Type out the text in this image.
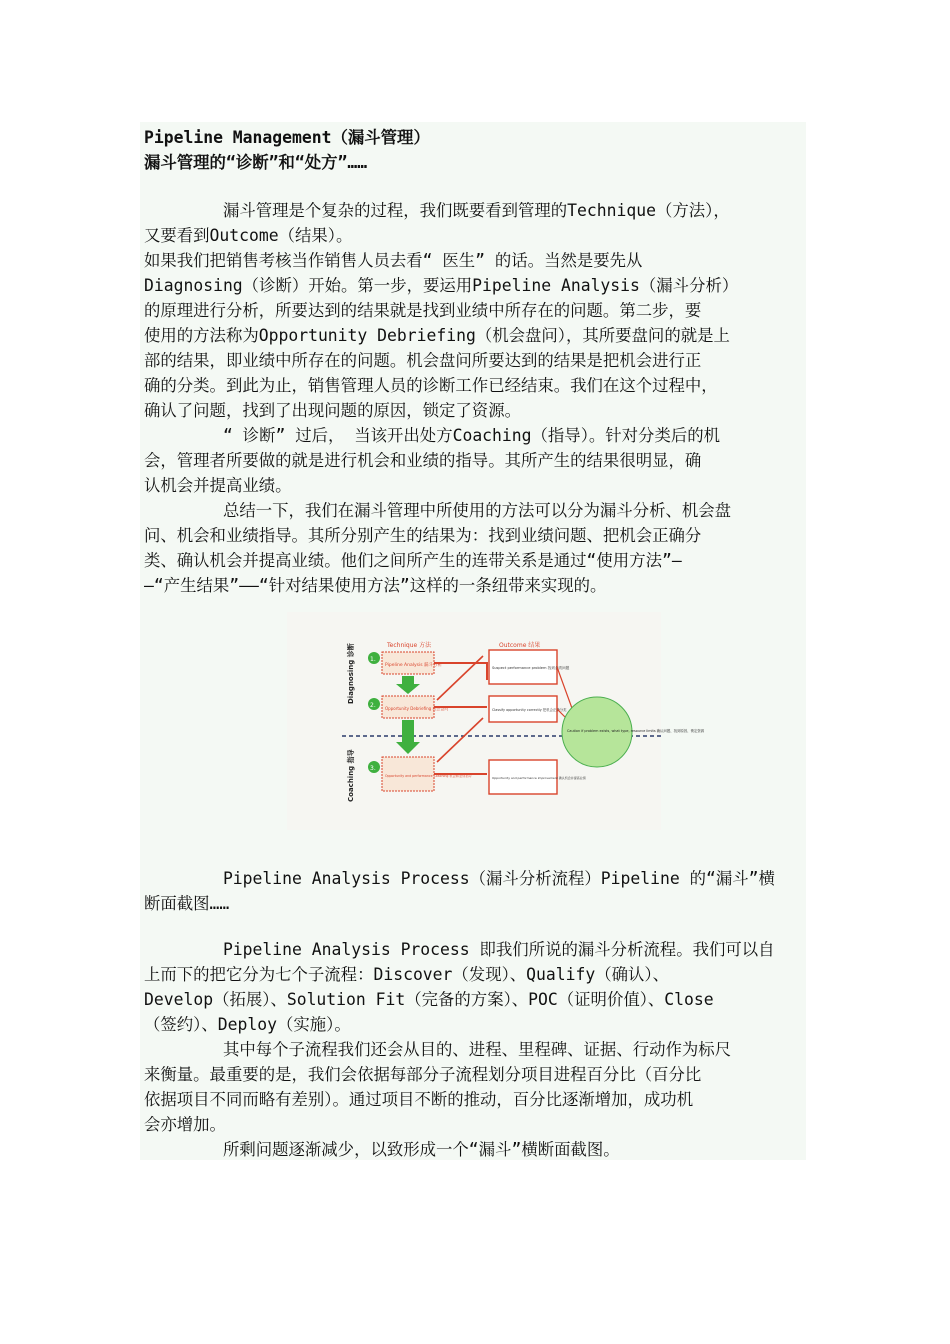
Pipeline Management（漏斗管理）
漏斗管理的“诊断”和“处方”……
漏斗管理是个复杂的过程，我们既要看到管理的Technique（方法），
又要看到Outcome（结果）。
如果我们把销售考核当作销售人员去看“ 医生” 的话。当然是要先从
Diagnosing（诊断）开始。第一步，要运用Pipeline Analysis（漏斗分析）
的原理进行分析，所要达到的结果就是找到业绩中所存在的问题。第二步，要
使用的方法称为Opportunity Debriefing（机会盘问），其所要盘问的就是上
部的结果，即业绩中所存在的问题。机会盘问所要达到的结果是把机会进行正
确的分类。到此为止，销售管理人员的诊断工作已经结束。我们在这个过程中，
确认了问题，找到了出现问题的原因，锁定了资源。
“ 诊断” 过后， 当该开出处方Coaching（指导）。针对分类后的机
会，管理者所要做的就是进行机会和业绩的指导。其所产生的结果很明显，确
认机会并提高业绩。
总结一下，我们在漏斗管理中所使用的方法可以分为漏斗分析、机会盘
问、机会和业绩指导。其所分别产生的结果为：找到业绩问题、把机会正确分
类、确认机会并提高业绩。他们之间所产生的连带关系是通过“使用方法”—
—“产生结果”——“针对结果使用方法”这样的一条纽带来实现的。
Diagnosing 诊断
Coaching 指导
Technique 方法	Outcome 结果
1.
2.
3.
Pipeline Analysis 漏斗分析
Opportunity Debriefing 机会盘问
Opportunity and performance Coaching 机会和业绩指导
Suspect performance problem 找到业绩问题
Classify opportunity correctly 把机会正确分类
Opportunity and performance improvement 确认机会并提高业绩
Caution if problem exists, what type, resource limits 确认问题、找到原因、锁定资源
Pipeline Analysis Process（漏斗分析流程）Pipeline 的“漏斗”横
断面截图……
Pipeline Analysis Process 即我们所说的漏斗分析流程。我们可以自
上而下的把它分为七个子流程：Discover（发现）、Qualify（确认）、
Develop（拓展）、Solution Fit（完备的方案）、POC（证明价值）、Close
（签约）、Deploy（实施）。
其中每个子流程我们还会从目的、进程、里程碑、证据、行动作为标尺
来衡量。最重要的是，我们会依据每部分子流程划分项目进程百分比（百分比
依据项目不同而略有差别）。通过项目不断的推动，百分比逐渐增加，成功机
会亦增加。
所剩问题逐渐减少，以致形成一个“漏斗”横断面截图。
